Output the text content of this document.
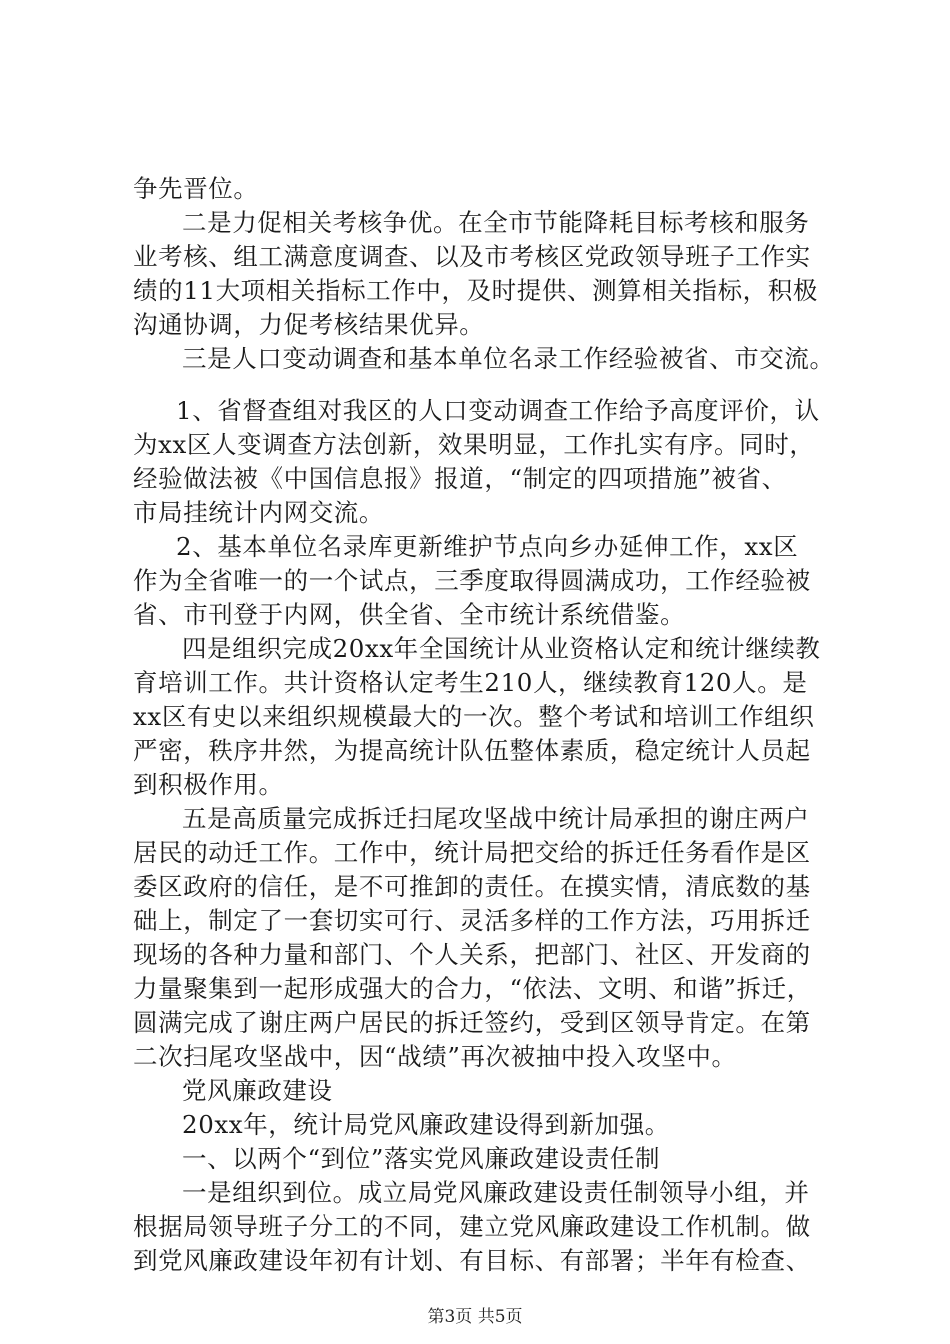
争先晋位。
二是力促相关考核争优。在全市节能降耗目标考核和服务
业考核、组工满意度调查、以及市考核区党政领导班子工作实
绩的11大项相关指标工作中，及时提供、测算相关指标，积极
沟通协调，力促考核结果优异。
三是人口变动调查和基本单位名录工作经验被省、市交流。
1、省督查组对我区的人口变动调查工作给予高度评价，认
为xx区人变调查方法创新，效果明显，工作扎实有序。同时，
经验做法被《中国信息报》报道，“制定的四项措施”被省、
市局挂统计内网交流。
2、基本单位名录库更新维护节点向乡办延伸工作，xx区
作为全省唯一的一个试点，三季度取得圆满成功，工作经验被
省、市刊登于内网，供全省、全市统计系统借鉴。
四是组织完成20xx年全国统计从业资格认定和统计继续教
育培训工作。共计资格认定考生210人，继续教育120人。是
xx区有史以来组织规模最大的一次。整个考试和培训工作组织
严密，秩序井然，为提高统计队伍整体素质，稳定统计人员起
到积极作用。
五是高质量完成拆迁扫尾攻坚战中统计局承担的谢庄两户
居民的动迁工作。工作中，统计局把交给的拆迁任务看作是区
委区政府的信任，是不可推卸的责任。在摸实情，清底数的基
础上，制定了一套切实可行、灵活多样的工作方法，巧用拆迁
现场的各种力量和部门、个人关系，把部门、社区、开发商的
力量聚集到一起形成强大的合力，“依法、文明、和谐”拆迁，
圆满完成了谢庄两户居民的拆迁签约，受到区领导肯定。在第
二次扫尾攻坚战中，因“战绩”再次被抽中投入攻坚中。
党风廉政建设
20xx年，统计局党风廉政建设得到新加强。
一、以两个“到位”落实党风廉政建设责任制
一是组织到位。成立局党风廉政建设责任制领导小组，并
根据局领导班子分工的不同，建立党风廉政建设工作机制。做
到党风廉政建设年初有计划、有目标、有部署；半年有检查、
第3页 共5页
